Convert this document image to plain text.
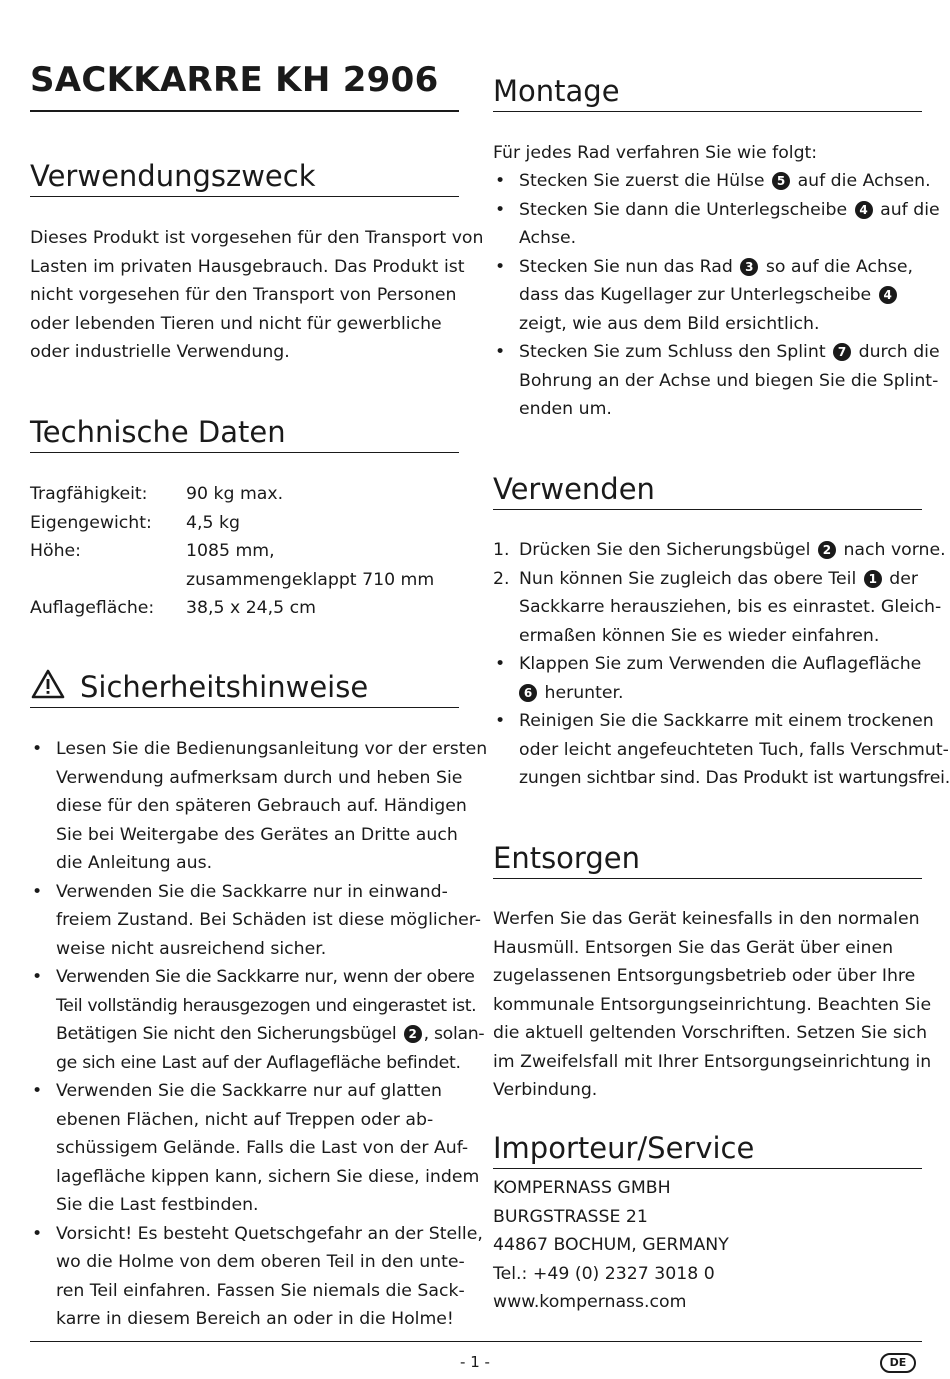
SACKKARRE KH 2906
Verwendungszweck
Dieses Produkt ist vorgesehen für den Transport von
Lasten im privaten Hausgebrauch. Das Produkt ist
nicht vorgesehen für den Transport von Personen
oder lebenden Tieren und nicht für gewerbliche
oder industrielle Verwendung.
Technische Daten
Tragfähigkeit:	90 kg max.
Eigengewicht:	4,5 kg
Höhe:	1085 mm,
zusammengeklappt 710 mm
Auflagefläche:	38,5 x 24,5 cm
Sicherheitshinweise
• Lesen Sie die Bedienungsanleitung vor der ersten
Verwendung aufmerksam durch und heben Sie
diese für den späteren Gebrauch auf. Händigen
Sie bei Weitergabe des Gerätes an Dritte auch
die Anleitung aus.
• Verwenden Sie die Sackkarre nur in einwand-
freiem Zustand. Bei Schäden ist diese möglicher-
weise nicht ausreichend sicher.
• Verwenden Sie die Sackkarre nur, wenn der obere
Teil vollständig herausgezogen und eingerastet ist.
Betätigen Sie nicht den Sicherungsbügel 2 , solan-
ge sich eine Last auf der Auflagefläche befindet.
• Verwenden Sie die Sackkarre nur auf glatten
ebenen Flächen, nicht auf Treppen oder ab-
schüssigem Gelände. Falls die Last von der Auf-
lagefläche kippen kann, sichern Sie diese, indem
Sie die Last festbinden.
• Vorsicht! Es besteht Quetschgefahr an der Stelle,
wo die Holme von dem oberen Teil in den unte-
ren Teil einfahren. Fassen Sie niemals die Sack-
karre in diesem Bereich an oder in die Holme!
Montage
Für jedes Rad verfahren Sie wie folgt:
• Stecken Sie zuerst die Hülse 5 auf die Achsen.
• Stecken Sie dann die Unterlegscheibe 4 auf die
Achse.
• Stecken Sie nun das Rad 3 so auf die Achse,
dass das Kugellager zur Unterlegscheibe 4
zeigt, wie aus dem Bild ersichtlich.
• Stecken Sie zum Schluss den Splint 7 durch die
Bohrung an der Achse und biegen Sie die Splint-
enden um.
Verwenden
1. Drücken Sie den Sicherungsbügel 2 nach vorne.
2. Nun können Sie zugleich das obere Teil 1 der
Sackkarre herausziehen, bis es einrastet. Gleich-
ermaßen können Sie es wieder einfahren.
• Klappen Sie zum Verwenden die Auflagefläche
6 herunter.
• Reinigen Sie die Sackkarre mit einem trockenen
oder leicht angefeuchteten Tuch, falls Verschmut-
zungen sichtbar sind. Das Produkt ist wartungsfrei.
Entsorgen
Werfen Sie das Gerät keinesfalls in den normalen
Hausmüll. Entsorgen Sie das Gerät über einen
zugelassenen Entsorgungsbetrieb oder über Ihre
kommunale Entsorgungseinrichtung. Beachten Sie
die aktuell geltenden Vorschriften. Setzen Sie sich
im Zweifelsfall mit Ihrer Entsorgungseinrichtung in
Verbindung.
Importeur/Service
KOMPERNASS GMBH
BURGSTRASSE 21
44867 BOCHUM, GERMANY
Tel.: +49 (0) 2327 3018 0
www.kompernass.com
- 1 -	DE
